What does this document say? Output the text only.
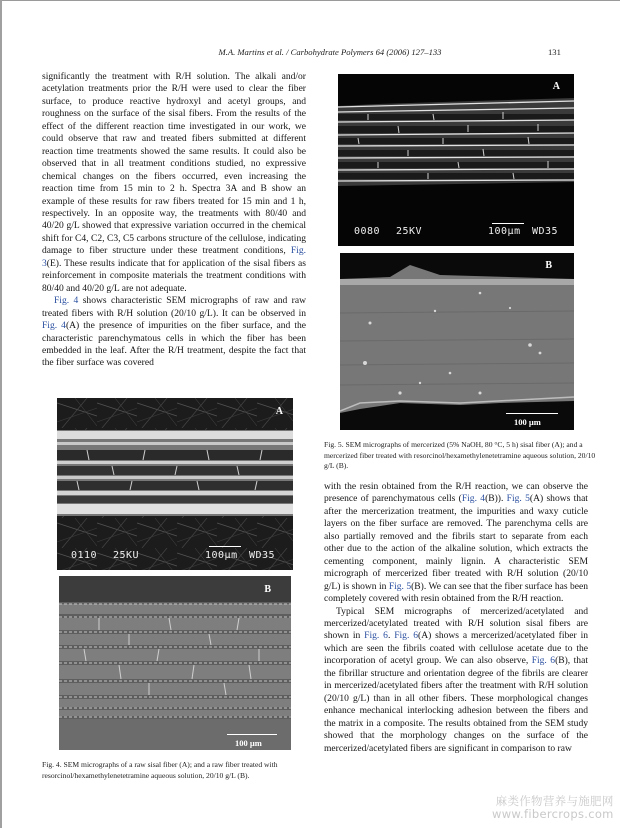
M.A. Martins et al. / Carbohydrate Polymers 64 (2006) 127–133	131

significantly the treatment with R/H solution. The alkali and/or acetylation treatments prior the R/H were used to clear the fiber surface, to produce reactive hydroxyl and acetyl groups, and roughness on the surface of the sisal fibers. From the results of the effect of the different reaction time investigated in our work, we could observe that raw and treated fibers submitted at different reaction time treatments showed the same results. It could also be observed that in all treatment conditions studied, no expressive chemical changes on the fibers occurred, even increasing the reaction time from 15 min to 2 h. Spectra 3A and B show an example of these results for raw fibers treated for 15 min and 1 h, respectively. In an opposite way, the treatments with 80/40 and 40/20 g/L showed that expressive variation occurred in the chemical shift for C4, C2, C3, C5 carbons structure of the cellulose, indicating damage to fiber structure under these treatment conditions, Fig. 3(E). These results indicate that for application of the sisal fibers as reinforcement in composite materials the treatment conditions with 80/40 and 40/20 g/L are not adequate.

Fig. 4 shows characteristic SEM micrographs of raw and raw treated fibers with R/H solution (20/10 g/L). It can be observed in Fig. 4(A) the presence of impurities on the fiber surface, and the characteristic parenchymatous cells in which the fiber has been embedded in the leaf. After the R/H treatment, despite the fact that the fiber surface was covered

A
0110 25KU	100µm WD35
B
100 µm
Fig. 4. SEM micrographs of a raw sisal fiber (A); and a raw fiber treated with resorcinol/hexamethylenetetramine aqueous solution, 20/10 g/L (B).
A
0080 25KV	100µm WD35
B
100 µm
Fig. 5. SEM micrographs of mercerized (5% NaOH, 80 °C, 5 h) sisal fiber (A); and a mercerized fiber treated with resorcinol/hexamethylenetetramine aqueous solution, 20/10 g/L (B).

with the resin obtained from the R/H reaction, we can observe the presence of parenchymatous cells (Fig. 4(B)). Fig. 5(A) shows that after the mercerization treatment, the impurities and waxy cuticle layers on the fiber surface are removed. The parenchyma cells are also partially removed and the fibrils start to separate from each other due to the action of the alkaline solution, which extracts the cementing component, mainly lignin. A characteristic SEM micrograph of mercerized fiber treated with R/H solution (20/10 g/L) is shown in Fig. 5(B). We can see that the fiber surface has been completely covered with resin obtained from the R/H reaction.

Typical SEM micrographs of mercerized/acetylated and mercerized/acetylated treated with R/H solution sisal fibers are shown in Fig. 6. Fig. 6(A) shows a mercerized/acetylated fiber in which are seen the fibrils coated with cellulose acetate due to the incorporation of acetyl group. We can also observe, Fig. 6(B), that the fibrillar structure and orientation degree of the fibrils are clearer in mercerized/acetylated fibers after the treatment with R/H solution (20/10 g/L) than in all other fibers. These morphological changes enhance mechanical interlocking adhesion between the fibers and the matrix in a composite. The results obtained from the SEM study showed that the morphology changes on the surface of the mercerized/acetylated fibers are significant in comparison to raw

麻类作物营养与施肥网
www.fibercrops.com
